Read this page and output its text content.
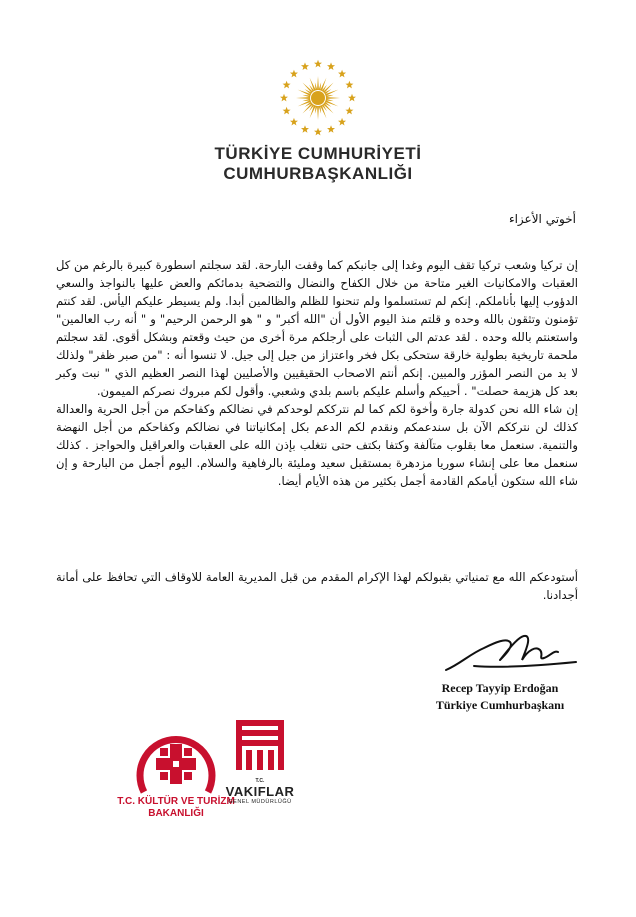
TÜRKİYE CUMHURİYETİ
CUMHURBAŞKANLIĞI
أخوتي الأعزاء

إن تركيا وشعب تركيا تقف اليوم وغدا إلى جانبكم كما وقفت البارحة. لقد سجلتم اسطورة كبيرة بالرغم من كل العقبات والامكانيات الغير متاحة من خلال الكفاح والنضال والتضحية بدمائكم والعض عليها بالنواجذ والسعي الدؤوب إليها بأناملكم. إنكم لم تستسلموا ولم تنحنوا للظلم والظالمين أبدا. ولم يسيطر عليكم اليأس. لقد كنتم تؤمنون وتثقون بالله وحده و قلتم منذ اليوم الأول أن "الله أكبر" و " هو الرحمن الرحيم" و " أنه رب العالمين" واستعنتم بالله وحده . لقد عدتم الى الثبات على أرجلكم مرة أخرى من حيث وقعتم وبشكل أقوى. لقد سجلتم ملحمة تاريخية بطولية خارقة ستحكى بكل فخر واعتزاز من جيل إلى جيل. لا تنسوا أنه : "من صبر ظفر" ولذلك لا بد من النصر المؤزر والمبين. إنكم أنتم الاصحاب الحقيقيين والأصليين لهذا النصر العظيم الذي " نبت وكبر بعد كل هزيمة حصلت" . أحييكم وأسلم عليكم باسم بلدي وشعبي. وأقول لكم مبروك نصركم الميمون.

إن شاء الله نحن كدولة جارة وأخوة لكم كما لم نترككم لوحدكم في نضالكم وكفاحكم من أجل الحرية والعدالة كذلك لن نترككم الآن بل سندعمكم ونقدم لكم الدعم بكل إمكانياتنا في نضالكم وكفاحكم من أجل النهضة والتنمية. سنعمل معا بقلوب متآلفة وكتفا بكتف حتى نتغلب بإذن الله على العقبات والعراقيل والحواجز . كذلك سنعمل معا على إنشاء سوريا مزدهرة بمستقبل سعيد ومليئة بالرفاهية والسلام. اليوم أجمل من البارحة و إن شاء الله ستكون أيامكم القادمة أجمل بكثير من هذه الأيام أيضا.

أستودعكم الله مع تمنياتي بقبولكم لهذا الإكرام المقدم من قبل المديرية العامة للاوقاف التي تحافظ على أمانة أجدادنا.
Recep Tayyip Erdoğan
Türkiye Cumhurbaşkanı
T.C. KÜLTÜR VE TURİZM
BAKANLIĞI
T.C.
VAKIFLAR
GENEL MÜDÜRLÜĞÜ
